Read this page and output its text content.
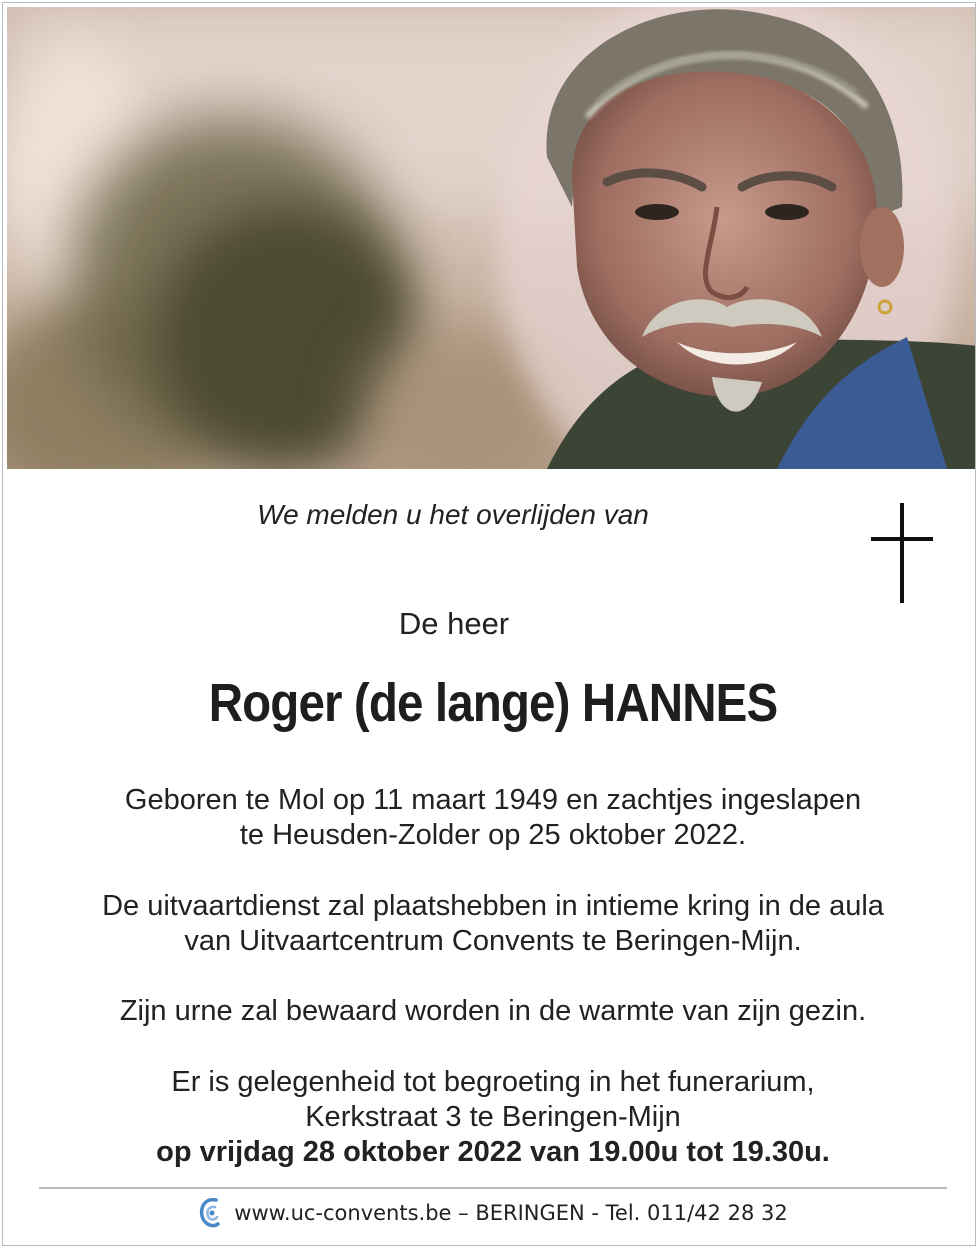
We melden u het overlijden van
De heer
Roger (de lange) HANNES
Geboren te Mol op 11 maart 1949 en zachtjes ingeslapen
te Heusden-Zolder op 25 oktober 2022.
De uitvaartdienst zal plaatshebben in intieme kring in de aula
van Uitvaartcentrum Convents te Beringen-Mijn.
Zijn urne zal bewaard worden in de warmte van zijn gezin.
Er is gelegenheid tot begroeting in het funerarium,
Kerkstraat 3 te Beringen-Mijn
op vrijdag 28 oktober 2022 van 19.00u tot 19.30u.
www.uc-convents.be – BERINGEN - Tel. 011/42 28 32
